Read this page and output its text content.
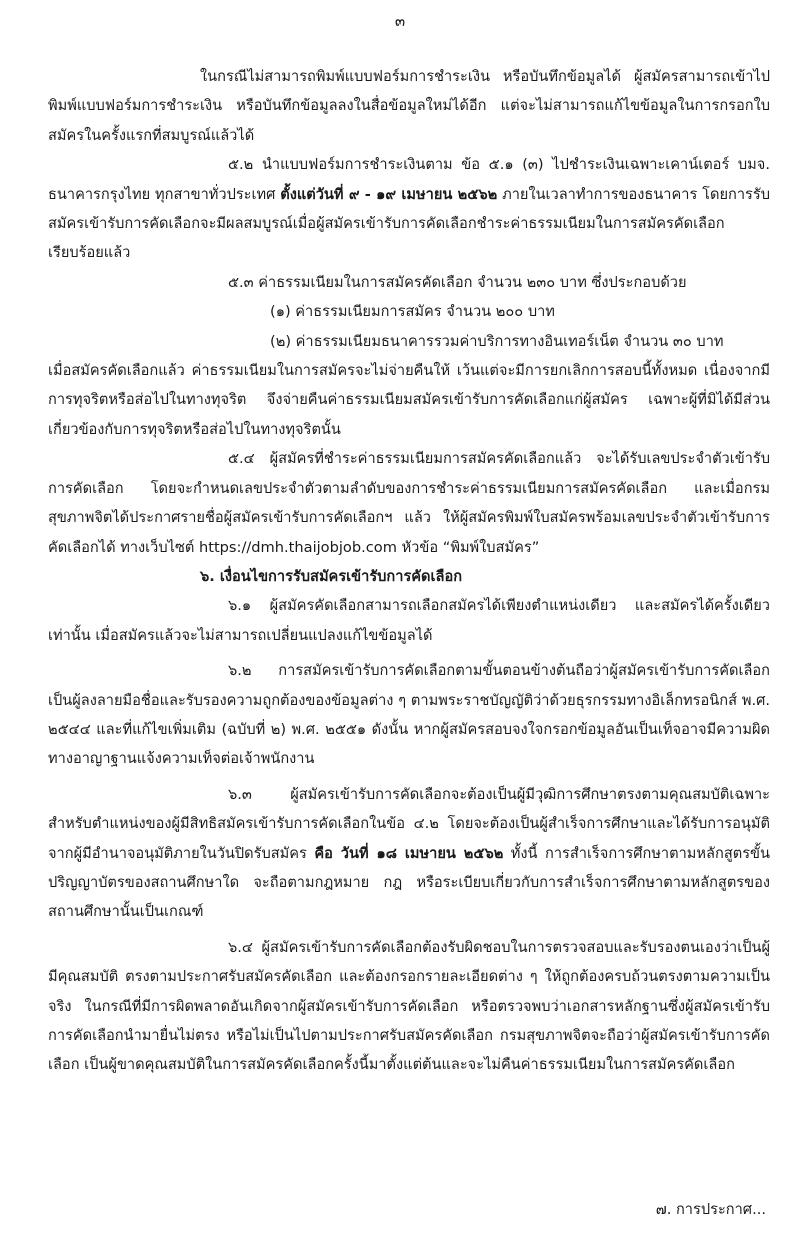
๓

ในกรณีไม่สามารถพิมพ์แบบฟอร์มการชำระเงิน หรือบันทึกข้อมูลได้ ผู้สมัครสามารถเข้าไปพิมพ์แบบฟอร์มการชำระเงิน หรือบันทึกข้อมูลลงในสื่อข้อมูลใหม่ได้อีก แต่จะไม่สามารถแก้ไขข้อมูลในการกรอกใบสมัครในครั้งแรกที่สมบูรณ์แล้วได้

๕.๒ นำแบบฟอร์มการชำระเงินตาม ข้อ ๕.๑ (๓) ไปชำระเงินเฉพาะเคาน์เตอร์ บมจ. ธนาคารกรุงไทย ทุกสาขาทั่วประเทศ ตั้งแต่วันที่ ๙ - ๑๙ เมษายน ๒๕๖๒ ภายในเวลาทำการของธนาคาร โดยการรับสมัครเข้ารับการคัดเลือกจะมีผลสมบูรณ์เมื่อผู้สมัครเข้ารับการคัดเลือกชำระค่าธรรมเนียมในการสมัครคัดเลือกเรียบร้อยแล้ว

๕.๓ ค่าธรรมเนียมในการสมัครคัดเลือก จำนวน ๒๓๐ บาท ซึ่งประกอบด้วย

(๑) ค่าธรรมเนียมการสมัคร จำนวน ๒๐๐ บาท

(๒) ค่าธรรมเนียมธนาคารรวมค่าบริการทางอินเทอร์เน็ต จำนวน ๓๐ บาท

เมื่อสมัครคัดเลือกแล้ว ค่าธรรมเนียมในการสมัครจะไม่จ่ายคืนให้ เว้นแต่จะมีการยกเลิกการสอบนี้ทั้งหมด เนื่องจากมีการทุจริตหรือส่อไปในทางทุจริต จึงจ่ายคืนค่าธรรมเนียมสมัครเข้ารับการคัดเลือกแก่ผู้สมัคร เฉพาะผู้ที่มิได้มีส่วนเกี่ยวข้องกับการทุจริตหรือส่อไปในทางทุจริตนั้น

๕.๔ ผู้สมัครที่ชำระค่าธรรมเนียมการสมัครคัดเลือกแล้ว จะได้รับเลขประจำตัวเข้ารับการคัดเลือก โดยจะกำหนดเลขประจำตัวตามลำดับของการชำระค่าธรรมเนียมการสมัครคัดเลือก และเมื่อกรมสุขภาพจิตได้ประกาศรายชื่อผู้สมัครเข้ารับการคัดเลือกฯ แล้ว ให้ผู้สมัครพิมพ์ใบสมัครพร้อมเลขประจำตัวเข้ารับการคัดเลือกได้ ทางเว็บไซต์ https://dmh.thaijobjob.com หัวข้อ “พิมพ์ใบสมัคร”

๖. เงื่อนไขการรับสมัครเข้ารับการคัดเลือก

๖.๑ ผู้สมัครคัดเลือกสามารถเลือกสมัครได้เพียงตำแหน่งเดียว และสมัครได้ครั้งเดียวเท่านั้น เมื่อสมัครแล้วจะไม่สามารถเปลี่ยนแปลงแก้ไขข้อมูลได้

๖.๒ การสมัครเข้ารับการคัดเลือกตามขั้นตอนข้างต้นถือว่าผู้สมัครเข้ารับการคัดเลือกเป็นผู้ลงลายมือชื่อและรับรองความถูกต้องของข้อมูลต่าง ๆ ตามพระราชบัญญัติว่าด้วยธุรกรรมทางอิเล็กทรอนิกส์ พ.ศ. ๒๕๔๔ และที่แก้ไขเพิ่มเติม (ฉบับที่ ๒) พ.ศ. ๒๕๕๑ ดังนั้น หากผู้สมัครสอบจงใจกรอกข้อมูลอันเป็นเท็จอาจมีความผิดทางอาญาฐานแจ้งความเท็จต่อเจ้าพนักงาน

๖.๓ ผู้สมัครเข้ารับการคัดเลือกจะต้องเป็นผู้มีวุฒิการศึกษาตรงตามคุณสมบัติเฉพาะสำหรับตำแหน่งของผู้มีสิทธิสมัครเข้ารับการคัดเลือกในข้อ ๔.๒ โดยจะต้องเป็นผู้สำเร็จการศึกษาและได้รับการอนุมัติจากผู้มีอำนาจอนุมัติภายในวันปิดรับสมัคร คือ วันที่ ๑๘ เมษายน ๒๕๖๒ ทั้งนี้ การสำเร็จการศึกษาตามหลักสูตรขั้นปริญญาบัตรของสถานศึกษาใด จะถือตามกฎหมาย กฎ หรือระเบียบเกี่ยวกับการสำเร็จการศึกษาตามหลักสูตรของสถานศึกษานั้นเป็นเกณฑ์

๖.๔ ผู้สมัครเข้ารับการคัดเลือกต้องรับผิดชอบในการตรวจสอบและรับรองตนเองว่าเป็นผู้มีคุณสมบัติ ตรงตามประกาศรับสมัครคัดเลือก และต้องกรอกรายละเอียดต่าง ๆ ให้ถูกต้องครบถ้วนตรงตามความเป็นจริง ในกรณีที่มีการผิดพลาดอันเกิดจากผู้สมัครเข้ารับการคัดเลือก หรือตรวจพบว่าเอกสารหลักฐานซึ่งผู้สมัครเข้ารับการคัดเลือกนำมายื่นไม่ตรง หรือไม่เป็นไปตามประกาศรับสมัครคัดเลือก กรมสุขภาพจิตจะถือว่าผู้สมัครเข้ารับการคัดเลือก เป็นผู้ขาดคุณสมบัติในการสมัครคัดเลือกครั้งนี้มาตั้งแต่ต้นและจะไม่คืนค่าธรรมเนียมในการสมัครคัดเลือก

๗. การประกาศ...
